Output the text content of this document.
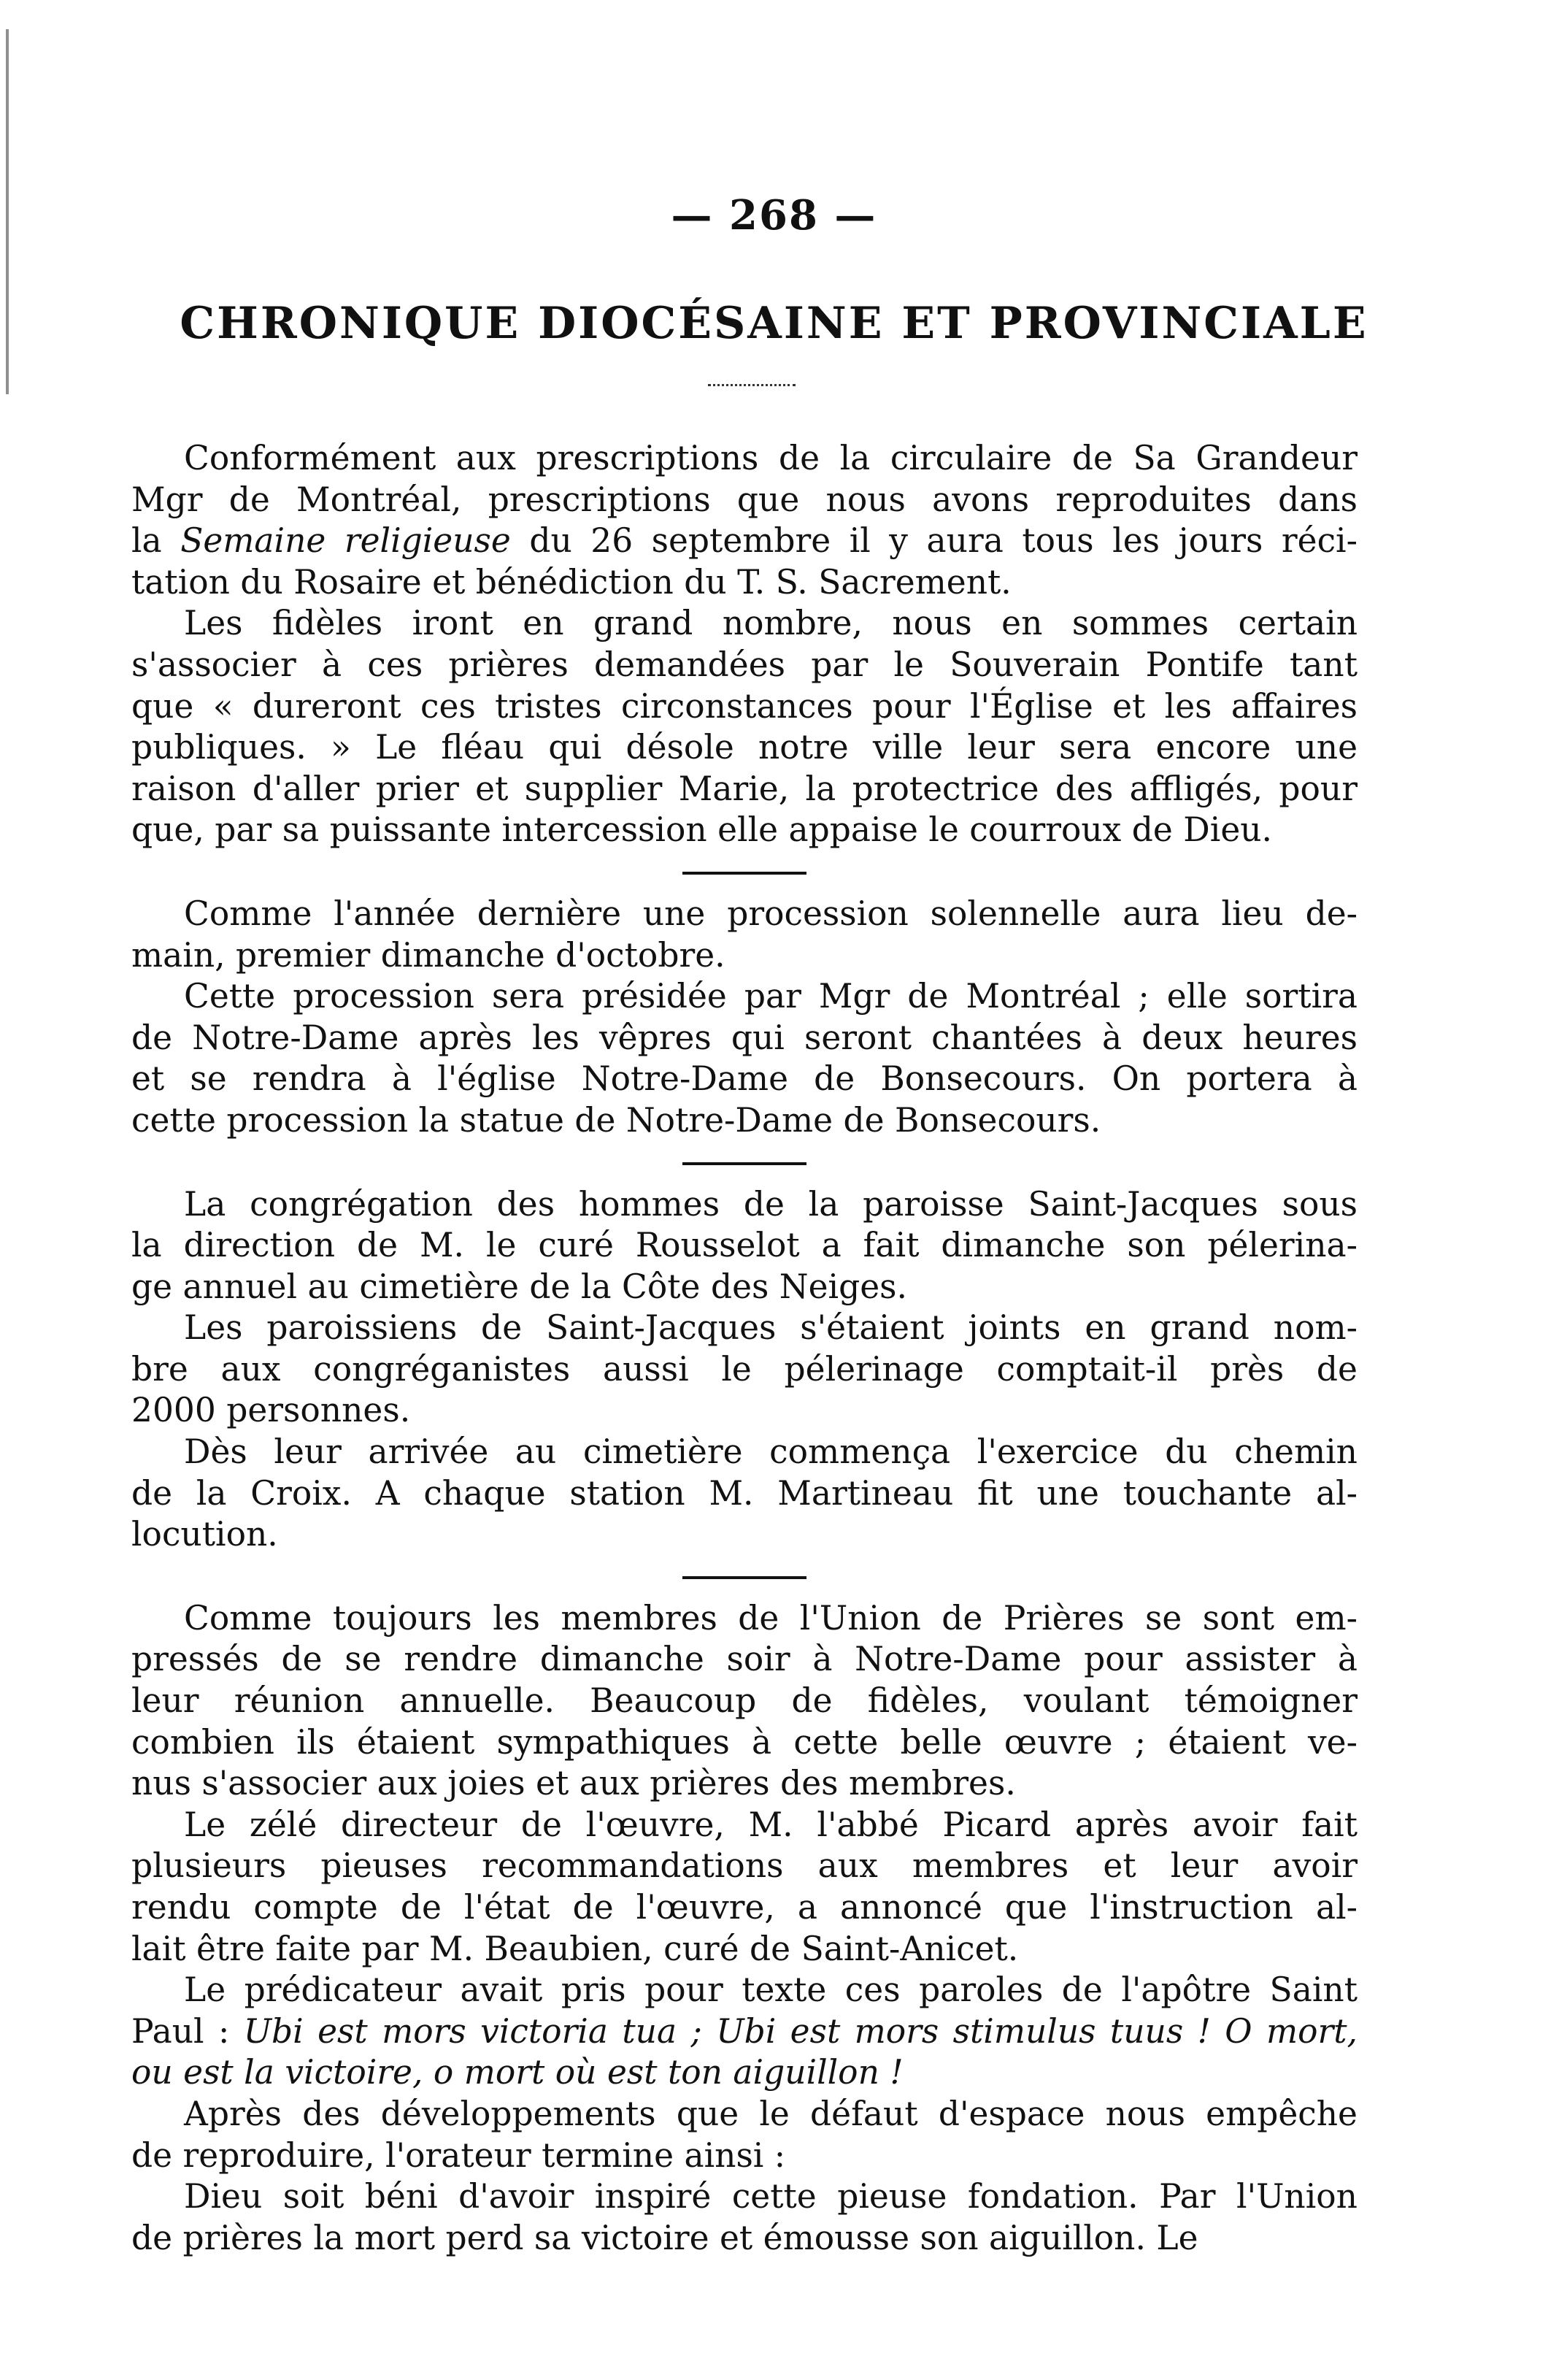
— 268 —
CHRONIQUE DIOCÉSAINE ET PROVINCIALE
Conformément aux prescriptions de la circulaire de Sa Grandeur
Mgr de Montréal, prescriptions que nous avons reproduites dans
la Semaine religieuse du 26 septembre il y aura tous les jours réci-
tation du Rosaire et bénédiction du T. S. Sacrement.
Les fidèles iront en grand nombre, nous en sommes certain
s'associer à ces prières demandées par le Souverain Pontife tant
que « dureront ces tristes circonstances pour l'Église et les affaires
publiques. » Le fléau qui désole notre ville leur sera encore une
raison d'aller prier et supplier Marie, la protectrice des affligés, pour
que, par sa puissante intercession elle appaise le courroux de Dieu.
Comme l'année dernière une procession solennelle aura lieu de-
main, premier dimanche d'octobre.
Cette procession sera présidée par Mgr de Montréal ; elle sortira
de Notre-Dame après les vêpres qui seront chantées à deux heures
et se rendra à l'église Notre-Dame de Bonsecours. On portera à
cette procession la statue de Notre-Dame de Bonsecours.
La congrégation des hommes de la paroisse Saint-Jacques sous
la direction de M. le curé Rousselot a fait dimanche son pélerina-
ge annuel au cimetière de la Côte des Neiges.
Les paroissiens de Saint-Jacques s'étaient joints en grand nom-
bre aux congréganistes aussi le pélerinage comptait-il près de
2000 personnes.
Dès leur arrivée au cimetière commença l'exercice du chemin
de la Croix. A chaque station M. Martineau fit une touchante al-
locution.
Comme toujours les membres de l'Union de Prières se sont em-
pressés de se rendre dimanche soir à Notre-Dame pour assister à
leur réunion annuelle. Beaucoup de fidèles, voulant témoigner
combien ils étaient sympathiques à cette belle œuvre ; étaient ve-
nus s'associer aux joies et aux prières des membres.
Le zélé directeur de l'œuvre, M. l'abbé Picard après avoir fait
plusieurs pieuses recommandations aux membres et leur avoir
rendu compte de l'état de l'œuvre, a annoncé que l'instruction al-
lait être faite par M. Beaubien, curé de Saint-Anicet.
Le prédicateur avait pris pour texte ces paroles de l'apôtre Saint
Paul : Ubi est mors victoria tua ; Ubi est mors stimulus tuus ! O mort,
ou est la victoire, o mort où est ton aiguillon !
Après des développements que le défaut d'espace nous empêche
de reproduire, l'orateur termine ainsi :
Dieu soit béni d'avoir inspiré cette pieuse fondation. Par l'Union
de prières la mort perd sa victoire et émousse son aiguillon. Le
